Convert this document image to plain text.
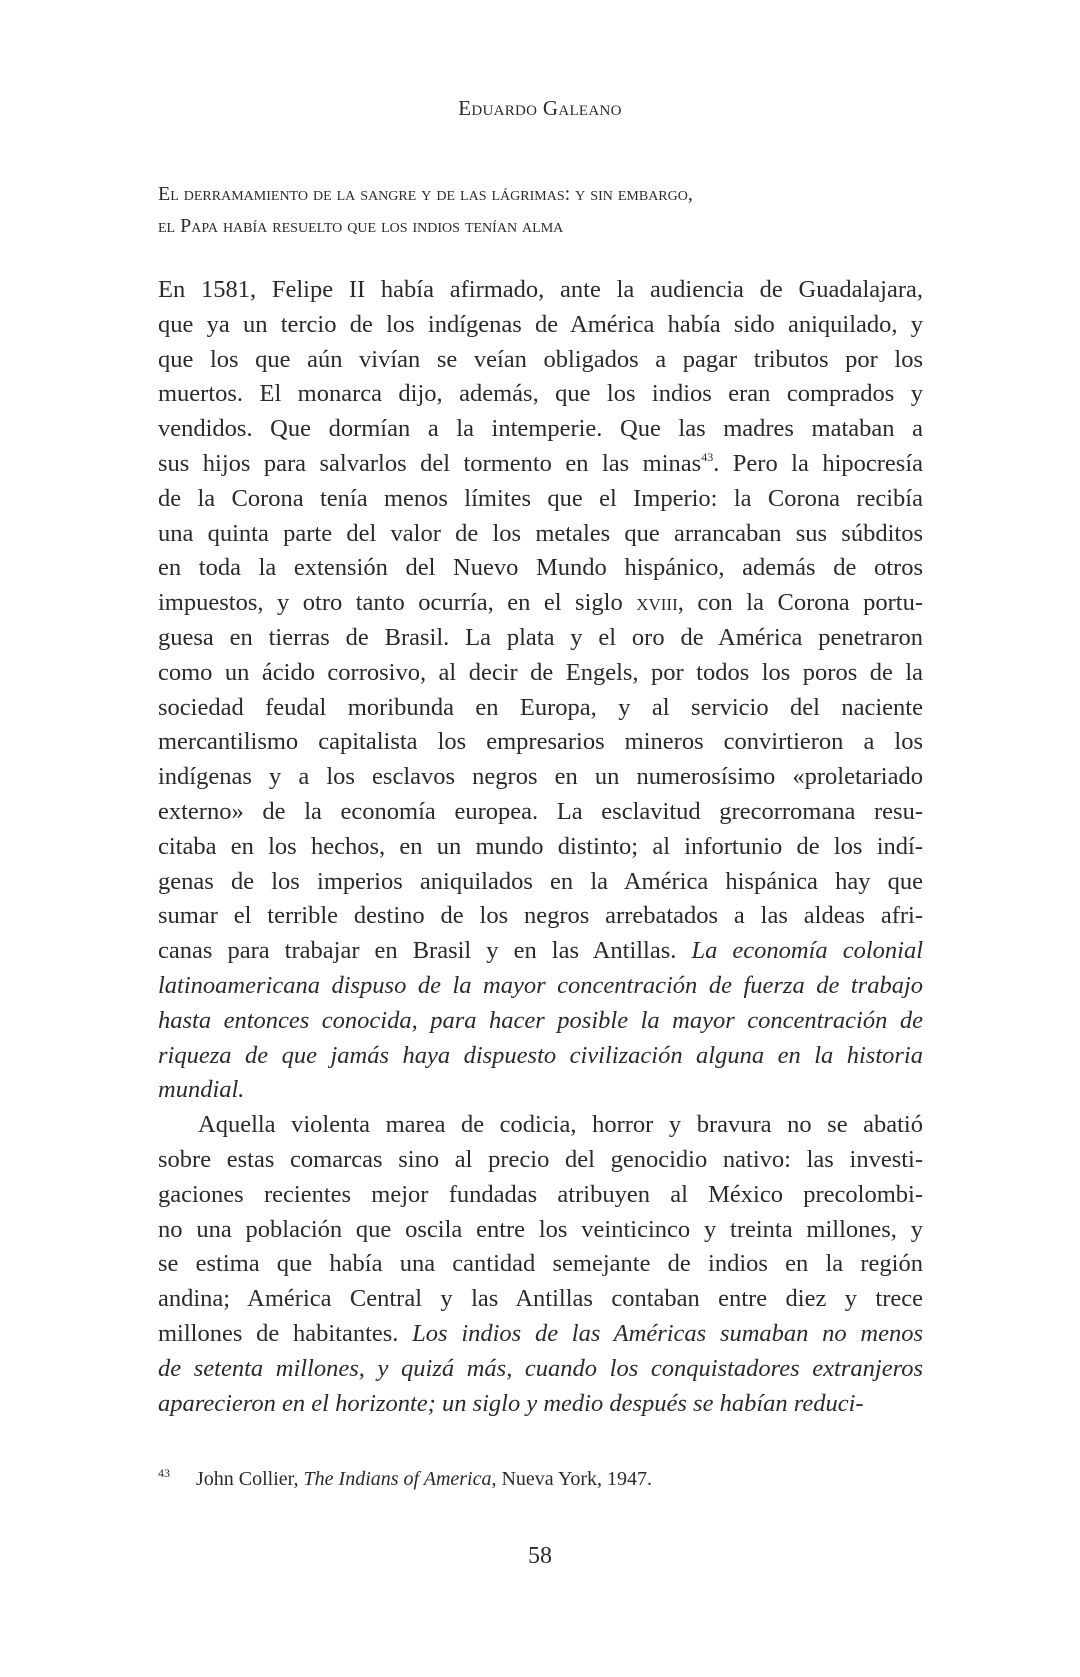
Eduardo Galeano
El derramamiento de la sangre y de las lágrimas: y sin embargo,
el Papa había resuelto que los indios tenían alma
En 1581, Felipe II había afirmado, ante la audiencia de Guadalajara,
que ya un tercio de los indígenas de América había sido aniquilado, y
que los que aún vivían se veían obligados a pagar tributos por los
muertos. El monarca dijo, además, que los indios eran comprados y
vendidos. Que dormían a la intemperie. Que las madres mataban a
sus hijos para salvarlos del tormento en las minas$^{43}$. Pero la hipocresía
de la Corona tenía menos límites que el Imperio: la Corona recibía
una quinta parte del valor de los metales que arrancaban sus súbditos
en toda la extensión del Nuevo Mundo hispánico, además de otros
impuestos, y otro tanto ocurría, en el siglo xviii, con la Corona portu-
guesa en tierras de Brasil. La plata y el oro de América penetraron
como un ácido corrosivo, al decir de Engels, por todos los poros de la
sociedad feudal moribunda en Europa, y al servicio del naciente
mercantilismo capitalista los empresarios mineros convirtieron a los
indígenas y a los esclavos negros en un numerosísimo «proletariado
externo» de la economía europea. La esclavitud grecorromana resu-
citaba en los hechos, en un mundo distinto; al infortunio de los indí-
genas de los imperios aniquilados en la América hispánica hay que
sumar el terrible destino de los negros arrebatados a las aldeas afri-
canas para trabajar en Brasil y en las Antillas. La economía colonial
latinoamericana dispuso de la mayor concentración de fuerza de trabajo
hasta entonces conocida, para hacer posible la mayor concentración de
riqueza de que jamás haya dispuesto civilización alguna en la historia
mundial.
Aquella violenta marea de codicia, horror y bravura no se abatió
sobre estas comarcas sino al precio del genocidio nativo: las investi-
gaciones recientes mejor fundadas atribuyen al México precolombi-
no una población que oscila entre los veinticinco y treinta millones, y
se estima que había una cantidad semejante de indios en la región
andina; América Central y las Antillas contaban entre diez y trece
millones de habitantes. Los indios de las Américas sumaban no menos
de setenta millones, y quizá más, cuando los conquistadores extranjeros
aparecieron en el horizonte; un siglo y medio después se habían reduci-
$^{43}$ John Collier, The Indians of America, Nueva York, 1947.
58
